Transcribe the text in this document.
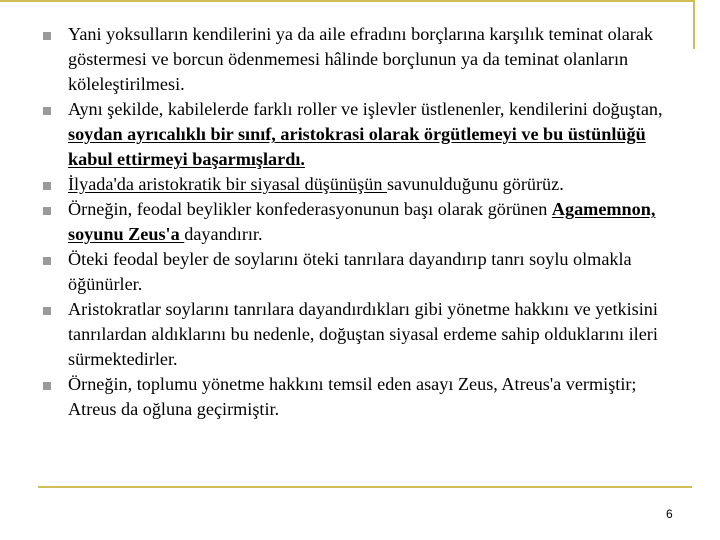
Yani yoksulların kendilerini ya da aile efradını borçlarına karşılık teminat olarak göstermesi ve borcun ödenmemesi hâlinde borçlunun ya da teminat olanların köleleştirilmesi.
Aynı şekilde, kabilelerde farklı roller ve işlevler üstlenenler, kendilerini doğuştan, soydan ayrıcalıklı bir sınıf, aristokrasi olarak örgütlemeyi ve bu üstünlüğü kabul ettirmeyi başarmışlardı.
İlyada'da aristokratik bir siyasal düşünüşün savunulduğunu görürüz.
Örneğin, feodal beylikler konfederasyonunun başı olarak görünen Agamemnon, soyunu Zeus'a dayandırır.
Öteki feodal beyler de soylarını öteki tanrılara dayandırıp tanrı soylu olmakla öğünürler.
Aristokratlar soylarını tanrılara dayandırdıkları gibi yönetme hakkını ve yetkisini tanrılardan aldıklarını bu nedenle, doğuştan siyasal erdeme sahip olduklarını ileri sürmektedirler.
Örneğin, toplumu yönetme hakkını temsil eden asayı Zeus, Atreus'a vermiştir; Atreus da oğluna geçirmiştir.
6
